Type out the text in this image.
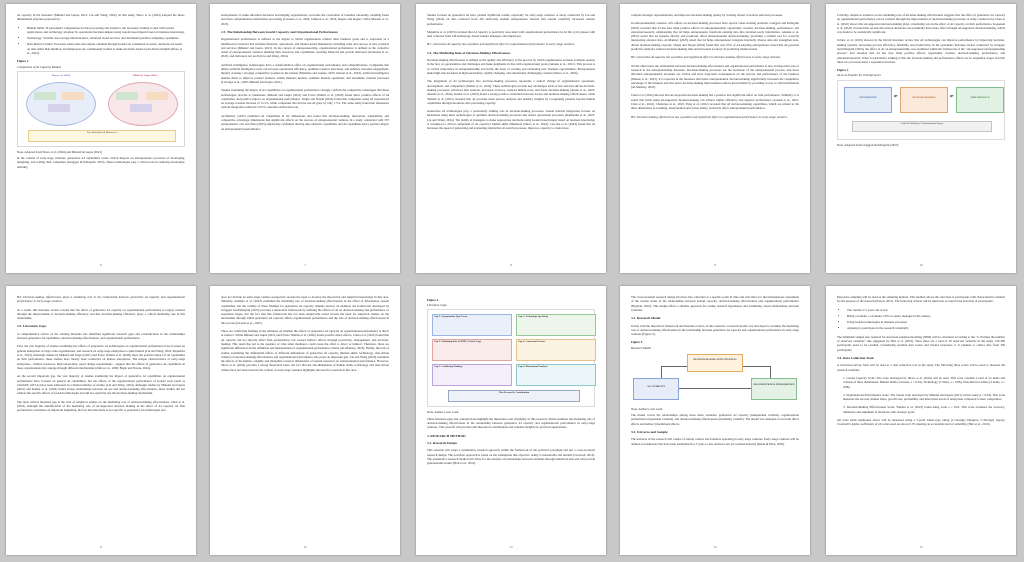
AI capacity in the literature (Mikalef and Gupta, 2021; Liu and Wang, 2024). In this study, Shoro et al. (2024) adopted the three-dimensional structure proposed by:

• Human Skills: IT personnel's competencies in data processing and analytics, the necessary training to deal with GenAI applications, and technology adoption by operational decision-makers using GenAI-based inputs based on business knowledge.
• Technology: Scalable data storage infrastructures, advanced cloud services, and distributed parallel computing capabilities.
• Data-Driven Culture: Processes where data and outputs obtained through GenAI are considered as assets, decisions are based on data rather than intuition, and employees are continuously trained to make decisions based on AI-driven insights (Shoro et al., 2024).
Figure 2
Comparison of AI Capacity Models
Shoro et al. (2024)	Mikalef & Gupta (2021)
Key Similarities & Differences
Note. Adapted from Shoro et al. (2024) and Mikalef & Gupta (2021)

In the context of early-stage ventures, generative AI capabilities create critical impacts on entrepreneurs' processes of developing, designing, and scaling their companies (Gruggett & Pellegrini, 2023). These technologies play a critical role in reducing uncertainty, enabling

6

entrepreneurs to make informed decisions and helping organizations overcome the constraints of bounded rationality, enabling faster and more comprehensive information processing (Cossette et al., 2024; Johnson et al., 2024; Rogers and Rogers, 2024; Moreno et al., 2023).

2.3. The Relationship Between GenAI Capacity and Organizational Performance

Organizational performance is defined as the degree to which organizations achieve their business goals and is expressed as a multifaceted construct that includes financial, operational, and market-based dimensions, including sales and success of new products and services (Mikalef and Gupta, 2021). In the context of entrepreneurship, organizational performance is defined as the collective result of entrepreneurial ventures utilizing their resources and capabilities, reaching financial and growth indicators (Kanoussi et al., 2023), and indicators not profit (Liu and Wang, 2024).

Artificial intelligence technologies have a transformative effect on organizational performance and competitiveness. Companies that utilize artificial intelligence tools can increase operational efficiency, optimize resource allocation, and enhance customer engagement, thereby creating a stronger competitive position in the market (Maximus and Gomez, 2023; Gibson et al., 2024). Artificial intelligence enables firms to improve product features, enable business models, optimize internal operations, and streamline external processes (Lirvange et al., 2020; Mikalef and Gupta, 2021).

Studies examining the impact of AI capabilities on organizational performance strongly confirm the competitive advantages that these technologies provide to businesses. Mikalef and Gupta (2021) and Fosso Wamba et al. (2020) found direct positive effects of AI capabilities and positive impact on organizational performance. Wagle and Nayak (2024) found that companies using AI experienced an average revenue increase of 15.5%, while companies that did not use AI grew by only 7.3%. The same study found that businesses with AI integration achieved a 9.5% customer satisfaction rate.

Al-Mamary (2025) examined AI capabilities in six dimensions and found that decision-making, innovation, adaptability, and competitive advantage dimensions had significant effects on the success of entrepreneurial ventures in a study conducted with 337 entrepreneurs. Chi and Zhao (2023) empirically confirmed that big data analytics capabilities and AI capabilities had a positive impact on entrepreneurial performance.

7

Studies focused on generative AI have yielded significant results, especially for early-stage ventures. A study conducted by Liu and Wang (2024) on data collected from 491 university student entrepreneurs showed that GenAI capability increased venture performance.

Majumtra et al. (2023) revealed that AI capacity is positively associated with organizational performance in AI life cycle phases with data collected from 146 technology-based venture managers and employees.

H1: Generative AI capacity has a positive and significant effect on organizational performance in early-stage ventures.

2.4. The Mediating Role of Decision-Making Effectiveness

Decision-making effectiveness is defined as the quality and efficiency of the process by which organizations evaluate available options in the face of opportunities and challenges and make judgments in line with organizational goals (Annaka et al., 2021). This process is of critical importance in entrepreneurship and forms the basis of creating and evaluating new business opportunities. Entrepreneurs make high-risk decisions in high-uncertainty, rapidly-changing, and emotionally challenging contexts (Shoro et al., 2024).

The integration of AI technologies into decision-making processes represents a radical change in organizational operations, development, and competition (Kumar et al., 2024). These technologies provide key advantages such as fast and data-driven decision-making processes, advanced data analysis, increased accuracy, reduced human error, and faster decision-making (Aruna et al., 2023; Akosile et al., 2024). Kumar et al. (2024) found a strong positive correlation between AI use and decision-making effectiveness, while Yamani et al. (2023) revealed that AI provides more precise analysis and industry insights by recognizing patterns beyond human capabilities through enormous data processing capacity.

Generative AI technologies play a particularly striking role in decision-making processes. GenAI internal integration focuses on businesses using these technologies to optimize decision-making processes and reduce operational processes (Kankutoki et al., 2023; Liu and Wang, 2024). The ability of managers to make appropriate decisions using GenAI-based inputs based on business knowledge is considered a critical component of AI capacity's human skills dimension (Shoro et al., 2024). Cascone et al. (2024) found that AI increases the speed of generating and evaluating alternatives in search processes, improves capacity to create more

8

complex strategic representations, and improves decision-making quality by creating virtual crowds in selection processes.

In entrepreneurship contexts, AI's effects on decision-making processes have special value-creating potential. Gruggett and Pellegrini (2023) revealed that AI has four main positive effects on entrepreneurship: opportunity creation, decision-making, performance, and education/research, emphasizing that AI helps entrepreneurs transform existing data into decision-ready information. Annaka et al. (2021) stated that AI systems directly and positively affect entrepreneurial decision-making, providing a reliable tool for correctly interpreting external data. Al-Mamary (2025) noted that AI helps entrepreneurs integrate internally diverse data and strengthen data-driven decision-making capacity. Wagle and Nayak (2024) found that over 63% of AI-adopting entrepreneurs stated that AI-powered predictive analytics reduced decision-making time and increased accuracy in predicting market trends.

H2: Generative AI capacity has a positive and significant effect on decision-making effectiveness in early-stage ventures.

On the other hand, the relationship between decision-making effectiveness and organizational performance is also an important area of research in the entrepreneurship literature. Decision-making processes are the backbone of the entrepreneurial process, and more informed entrepreneurial decisions are critical and have long-term consequences on the success and performance of the business (Ibirnee et al., 2023). It is reported in the literature that better entrepreneurial decision-making significantly increases the competitive advantage of the business and that better decision-making improvement reduces uncertainties by providing access to valid information (Al-Mamary, 2025).

Chen et al. (2022) showed that AI-supported decision-making has a positive and significant effect on firm performance. Similarly, it is stated that firms using AI-supported decision-making can achieve higher efficiency and superior performance (Lokam et al., 2021; Chen et al., 2022). Chatterjee et al., 2023. Yang et al. (2022) revealed that AI decision-making capabilities, which are related to the three dimensions as scanning, interpretation and action ability, positively affect entrepreneurial performance.

H3: Decision-making effectiveness has a positive and significant effect on organizational performance in early-stage ventures.

9

Critically, empirical evidence on the mediating role of decision-making effectiveness suggests that the effect of generative AI capacity on organizational performance can be realized through the improvement of decision-making processes. A study conducted by Chen et al. (2022) shows that AI-supported decision-making plays a mediating role in the effect of AI capacity on firm performance. Kopanaki et al. (2023) revealed that AI and data-driven decisions can potentially have more effect through AI-supported decision-making, which was found to be statistically significant.

Uriarte et al. (2025) showed in the hybrid literature review that AI technologies can improve performance by improving decision-making systems, increasing process efficiency, flexibility and productivity. In the systematic literature review conducted by Gruggett and Pellegrini (2023), the effect of AI on entrepreneurship was examined within the framework of the "AI-supported entrepreneurship process" and revealed that AI has four main positive effects: opportunity creation, decision-making, performance, and education/research. What is particularly striking is that the decision-making and performance effects are in sequential stages and that these two processes have a sequential structure.

Figure 3
AI as an Enabler for Entrepreneurs
OPPORTUNITY	▶	DECISION-MAKING	▶	PERFORMANCE
Artificial Intelligence Transformation Stages
Note. Adapted from Gruggett & Pellegrini (2023)
10

H4: Decision-making effectiveness plays a mediating role in the relationship between generative AI capacity and organizational performance in early-stage ventures.

As a result, this literature review reveals that the effect of generative AI capacity on organizational performance is largely realized through the improvement of decision-making efficiency and that decision-making efficiency plays a critical mediating role in this relationship.

2.5. Literature Gaps

A comprehensive review of the existing literature has identified significant research gaps and contradictions in the relationships between generative AI capabilities, decision-making effectiveness, and organizational performance.

First, the vast majority of studies examining the effects of generative AI technologies on organizational performance have focused on general enterprises or large-scale organizations, and research on early-stage enterprises is quite limited (Liu and Wang, 2024; Majumtra et al., 2023). Although studies by Mikalef and Gupta (2021) and Fosso Wamba et al. (2020) show the positive impact of AI capabilities on firm performance, these studies have mostly been conducted on mature enterprises. The unique characteristics of early-stage enterprises - limited resources, high uncertainty, rapid change requirements - suggest that the effects of generative AI capabilities in these organizations may emerge through different mechanisms (Zahra et al., 2006; Bögle and Nayak, 2024).

As the second important gap, the vast majority of studies examining the impact of generative AI capabilities on organizational performance have focused on general AI capabilities, but the effects of the organizational performance of GenAI tools (such as ChatGPT, GPT-4) have been addressed in a limited number of studies (Liu and Wang, 2024). Although studies by Mikalef and Gupta (2021) and Kumar et al. (2024) found strong relationships between AI use and decision-making effectiveness, these studies did not address the specific effects of GenAI technologies and did not explicitly test the decision-making mechanism.

The most critical literature gap is the lack of empirical studies on the mediating role of decision-making effectiveness. Chen et al. (2022) although the identification of the mediating role of AI-supported decision making in the effect of AI capacity on firm performance constitutes an important beginning, the fact that this study is not specific to generative AI technologies and

11

does not include an early-stage venture perspective reveals the need to develop the theoretical and empirical knowledge in this area. Similarly, Asdimer et al. (2023) examined the mediating role of decision-making effectiveness in the effect of information system capabilities, but the validity of these findings for generative AI capacity remains unclear. In addition, the framework developed by Gruggett and Pellegrini (2023) provides a theoretical framework by defining the effects of AI on decision-making and performance as sequential stages, but the fact that this framework has not been empirically tested reveals the need for empirical studies on the mechanism through which generative AI capacity affects organizational performance and the role of decision-making effectiveness in this process (Uriarte et al., 2025).

There are conflicting findings in the literature on whether the effects of generative AI capacity on organizational performance is direct or indirect. While Mikalef and Gupta (2021) and Fosso Wamba et al. (2020) found positive direct effects, Chen et al. (2022) found that AI capacity did not directly affect firm performance, but created indirect effects through proactivity, management, and decision-making. This result has led to the question of what other mediators could cause the effect is direct or indirect. Therefore, there are significant differences in the definition and measurement of organizational performance criteria (Al-Mamary, 2025). Finally, the lack of studies examining the differential effects of different dimensions of generative AI capacity (human skills, technology, data-driven culture) on decision-making effectiveness and organizational performance also poses an important gap. Liu and Wang (2024) examined the effects of the human, tangible and intangible resource dimensions of GenAI resources on entrepreneurial performance. However, Shoro et al. (2024) provides a strong theoretical basis, the fact that the sub-dimensions of human skills, technology and data-driven culture have not been tested in the context of early-stage ventures highlights the need for research in this area.

12
Figure 4
Literature Gaps
Gap 1: Organization Type Focus	Gap 2: Technology Specificity
Gap 3: Mediating Role of DME (Critical Gap)	Gap 4: Contextual Factors
Gap 5: Conflicting Findings	Gap 6: Dimensional Analysis
This Research's Contribution
Note. Author's own work.

These literature gaps and contradictions highlight the importance and originality of this research, which examines the mediating role of decision-making effectiveness in the relationship between generative AI capacity and organizational performance in early-stage ventures. The research will provide both theoretical contributions and valuable insights for practical applications.

3. RESEARCH METHOD
3.1. Research Design

This research will adopt a quantitative research approach within the framework of the positivist paradigm and use a cross-sectional research design. The positivist approach is based on the assumption that objective reality is measurable and testable (Creswell, 2014). The quantitative research method will allow for the analysis of relationships between variables through numerical data and will provide generalizable results (Hair et al., 2019).

13

The cross-sectional research design involves data collection at a specific point in time and will allow for the instantaneous assessment of the current status of the relationships between GenAI capacity, decision-making effectiveness and organizational performance (Bryman, 2016). This design offers a suitable approach for testing research hypotheses and examining causal relationships between variables.

3.2. Research Model

In line with the theoretical framework and literature review of this research, a research model was developed to examine the mediating role of decision-making effectiveness in the relationship between generative AI capacity and organizational performance in early-stage ventures (Figure 5).

Figure 5
Research Model
DECISION-MAKING EFFECTIVENESS
AI CAPABILITY
ORGANIZATIONAL PERFORMANCE
Note. Author's own work.

The model covers the relationships among three main variables: generative AI capacity (independent variable), organizational performance (dependent variable), and decision-making effectiveness (mediating variable). The model was designed to test both direct effects and indirect (mediation) effects.

3.3. Universe and Sample

The universe of the research will consist of startup owners and founders operating in early-stage ventures. Early-stage ventures will be defined as businesses that have been established for 5 years or less and have not yet reached maturity (Rizak & Dhol, 2020).

14

Purposive sampling will be used as the sampling method. This method allows the selection of participants with characteristics suitable for the purpose of the research (Patton, 2015). The following criteria will be taken into account in the selection of participants:

• The venture is 5 years old or less
• Being a founder, co-founder, CEO or senior manager in the venture
• Using GenAI technologies in business processes
• Agreeing to participate in the research voluntarily

The minimum sample size required for structural equation modeling (SEM) will be calculated according to the "5-10 times the number of observed variables" rule suggested by Hair et al. (2019). Since there are a total of 30 observed variables in the study, 150-300 participants need to be reached. Considering possible data losses and invalid responses, it is planned to collect data from 350 participants.

3.4. Data Collection Tools

A structured survey form will be used as a data collection tool in the study. The following three scales will be used to measure the research variables:

1. GenAI Capacity Scale: The scale developed by Shoro et al. (2024) will be used. This scale contains a total of 22 items and consists of three dimensions: Human Skills (14 items, a = 0.93), Technology (7 items, a = 0.86), Data-Driven Culture (5 items, a = 0.88).

2. Organizational Performance Scale: The 3-item scale developed by Mikalef and Gupta (2021) will be used (a = 0.94). This scale measures the success, market share, growth rate, profitability and innovation levels of enterprises compared to their competitors.

3. Decision-Making Effectiveness Scale: Yamani et al. (2023) found using scale a = 0.91. This scale evaluates the accuracy, timeliness and alignment of decisions with strategic goals.

All scale items mentioned above will be measured using a 5-point Likert-type rating (1=Strongly Disagree, 5=Strongly Agree). Cronbach's Alpha coefficients of all scales used are above 0.70, meeting an acceptable level of reliability (Hair et al., 2019).

15
